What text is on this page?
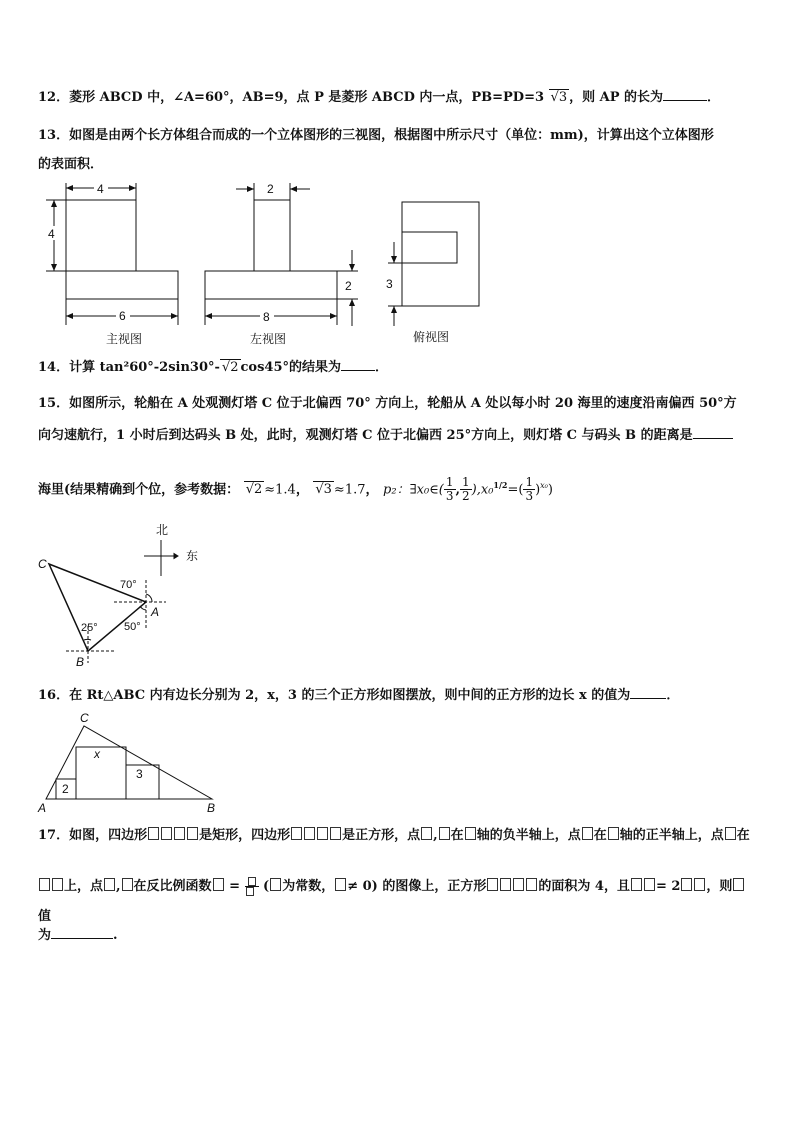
12．菱形 ABCD 中，∠A=60°，AB=9，点 P 是菱形 ABCD 内一点，PB=PD=3 √3 ，则 AP 的长为	．
13．如图是由两个长方体组合而成的一个立体图形的三视图，根据图中所示尺寸（单位：mm)，计算出这个立体图形
的表面积．
4
4
6
2
8
2	3
主视图	左视图	俯视图
14．计算 tan²60°-2sin30°- √2 cos45°的结果为	．
15．如图所示，轮船在 A 处观测灯塔 C 位于北偏西 70° 方向上，轮船从 A 处以每小时 20 海里的速度沿南偏西 50°方
向匀速航行，1 小时后到达码头 B 处，此时，观测灯塔 C 位于北偏西 25°方向上，则灯塔 C 与码头 B 的距离是
海里(结果精确到个位，参考数据： √2 ≈1.4， √3 ≈1.7， p₂：∃x₀∈( $\frac{1}{3}$ , $\frac{1}{2} ),x_0^{1/2}=( \frac{1}{3} )^{x_0}$)
北
东
C
A
B
70°
50°
25°
16．在 Rt△ABC 内有边长分别为 2，x，3 的三个正方形如图摆放，则中间的正方形的边长 x 的值为	．
C
A	B
x
2
3
17．如图，四边形	是矩形，四边形	是正方形，点 , 在 轴的负半轴上，点 在 轴的正半轴上，点 在
上，点 , 在反比例函数 =
( 为常数， ≠ 0) 的图像上，正方形	的面积为 4，且 = 2 ，则值
为	.
